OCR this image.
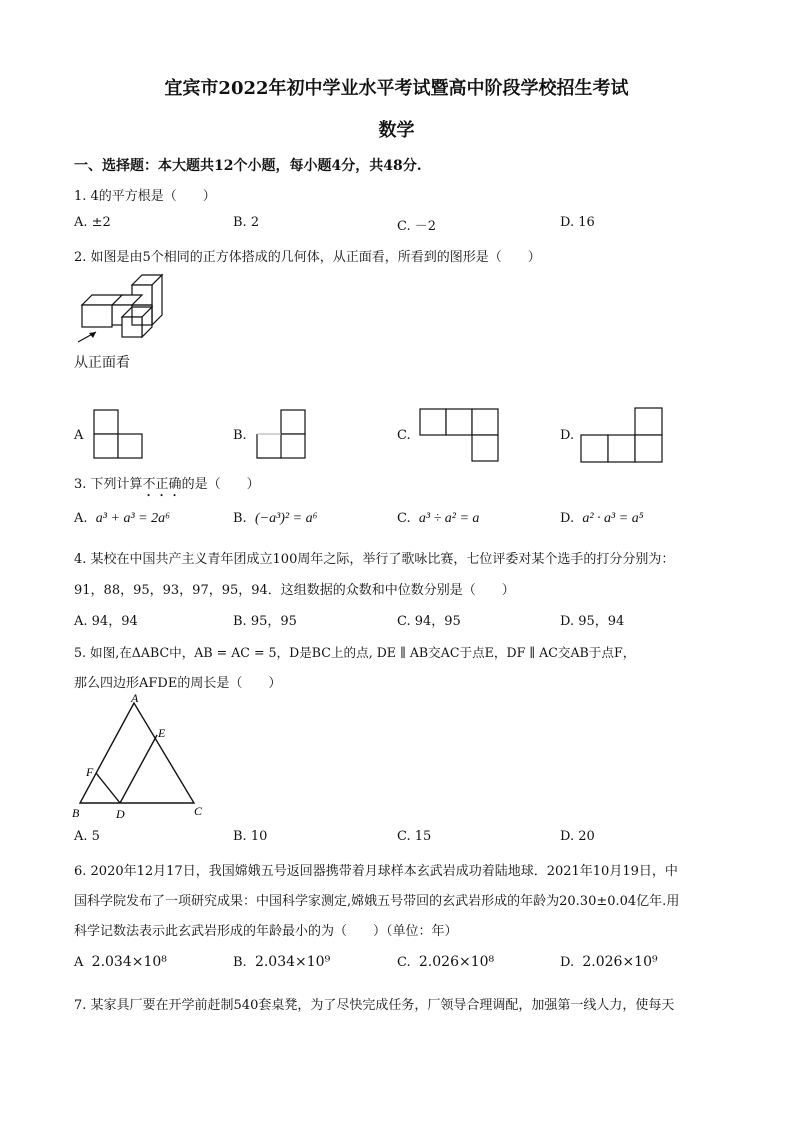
宜宾市2022年初中学业水平考试暨高中阶段学校招生考试
数学
一、选择题：本大题共12个小题，每小题4分，共48分.
1. 4的平方根是（　　）
A. ±2	B. 2	C. －2	D. 16
2. 如图是由5个相同的正方体搭成的几何体，从正面看，所看到的图形是（　　）
从正面看
A	B.	C.	D.
3. 下列计算不正确的是（　　）
A. a³ + a³ = 2a⁶	B. (−a³)² = a⁶	C. a³ ÷ a² = a	D. a² · a³ = a⁵
4. 某校在中国共产主义青年团成立100周年之际，举行了歌咏比赛，七位评委对某个选手的打分分别为：
91，88，95，93，97，95，94．这组数据的众数和中位数分别是（　　）
A. 94，94	B. 95，95	C. 94，95	D. 95，94
5. 如图,在ΔABC中，AB = AC = 5，D是BC上的点, DE ∥ AB交AC于点E，DF ∥ AC交AB于点F，
那么四边形AFDE的周长是（　　）
A
B	C
D
E
F
A. 5	B. 10	C. 15	D. 20
6. 2020年12月17日，我国嫦娥五号返回器携带着月球样本玄武岩成功着陆地球．2021年10月19日，中
国科学院发布了一项研究成果：中国科学家测定,嫦娥五号带回的玄武岩形成的年龄为20.30±0.04亿年.用
科学记数法表示此玄武岩形成的年龄最小的为（　　）（单位：年）
A 2.034×10⁸	B. 2.034×10⁹	C. 2.026×10⁸	D. 2.026×10⁹
7. 某家具厂要在开学前赶制540套桌凳，为了尽快完成任务，厂领导合理调配，加强第一线人力，使每天
